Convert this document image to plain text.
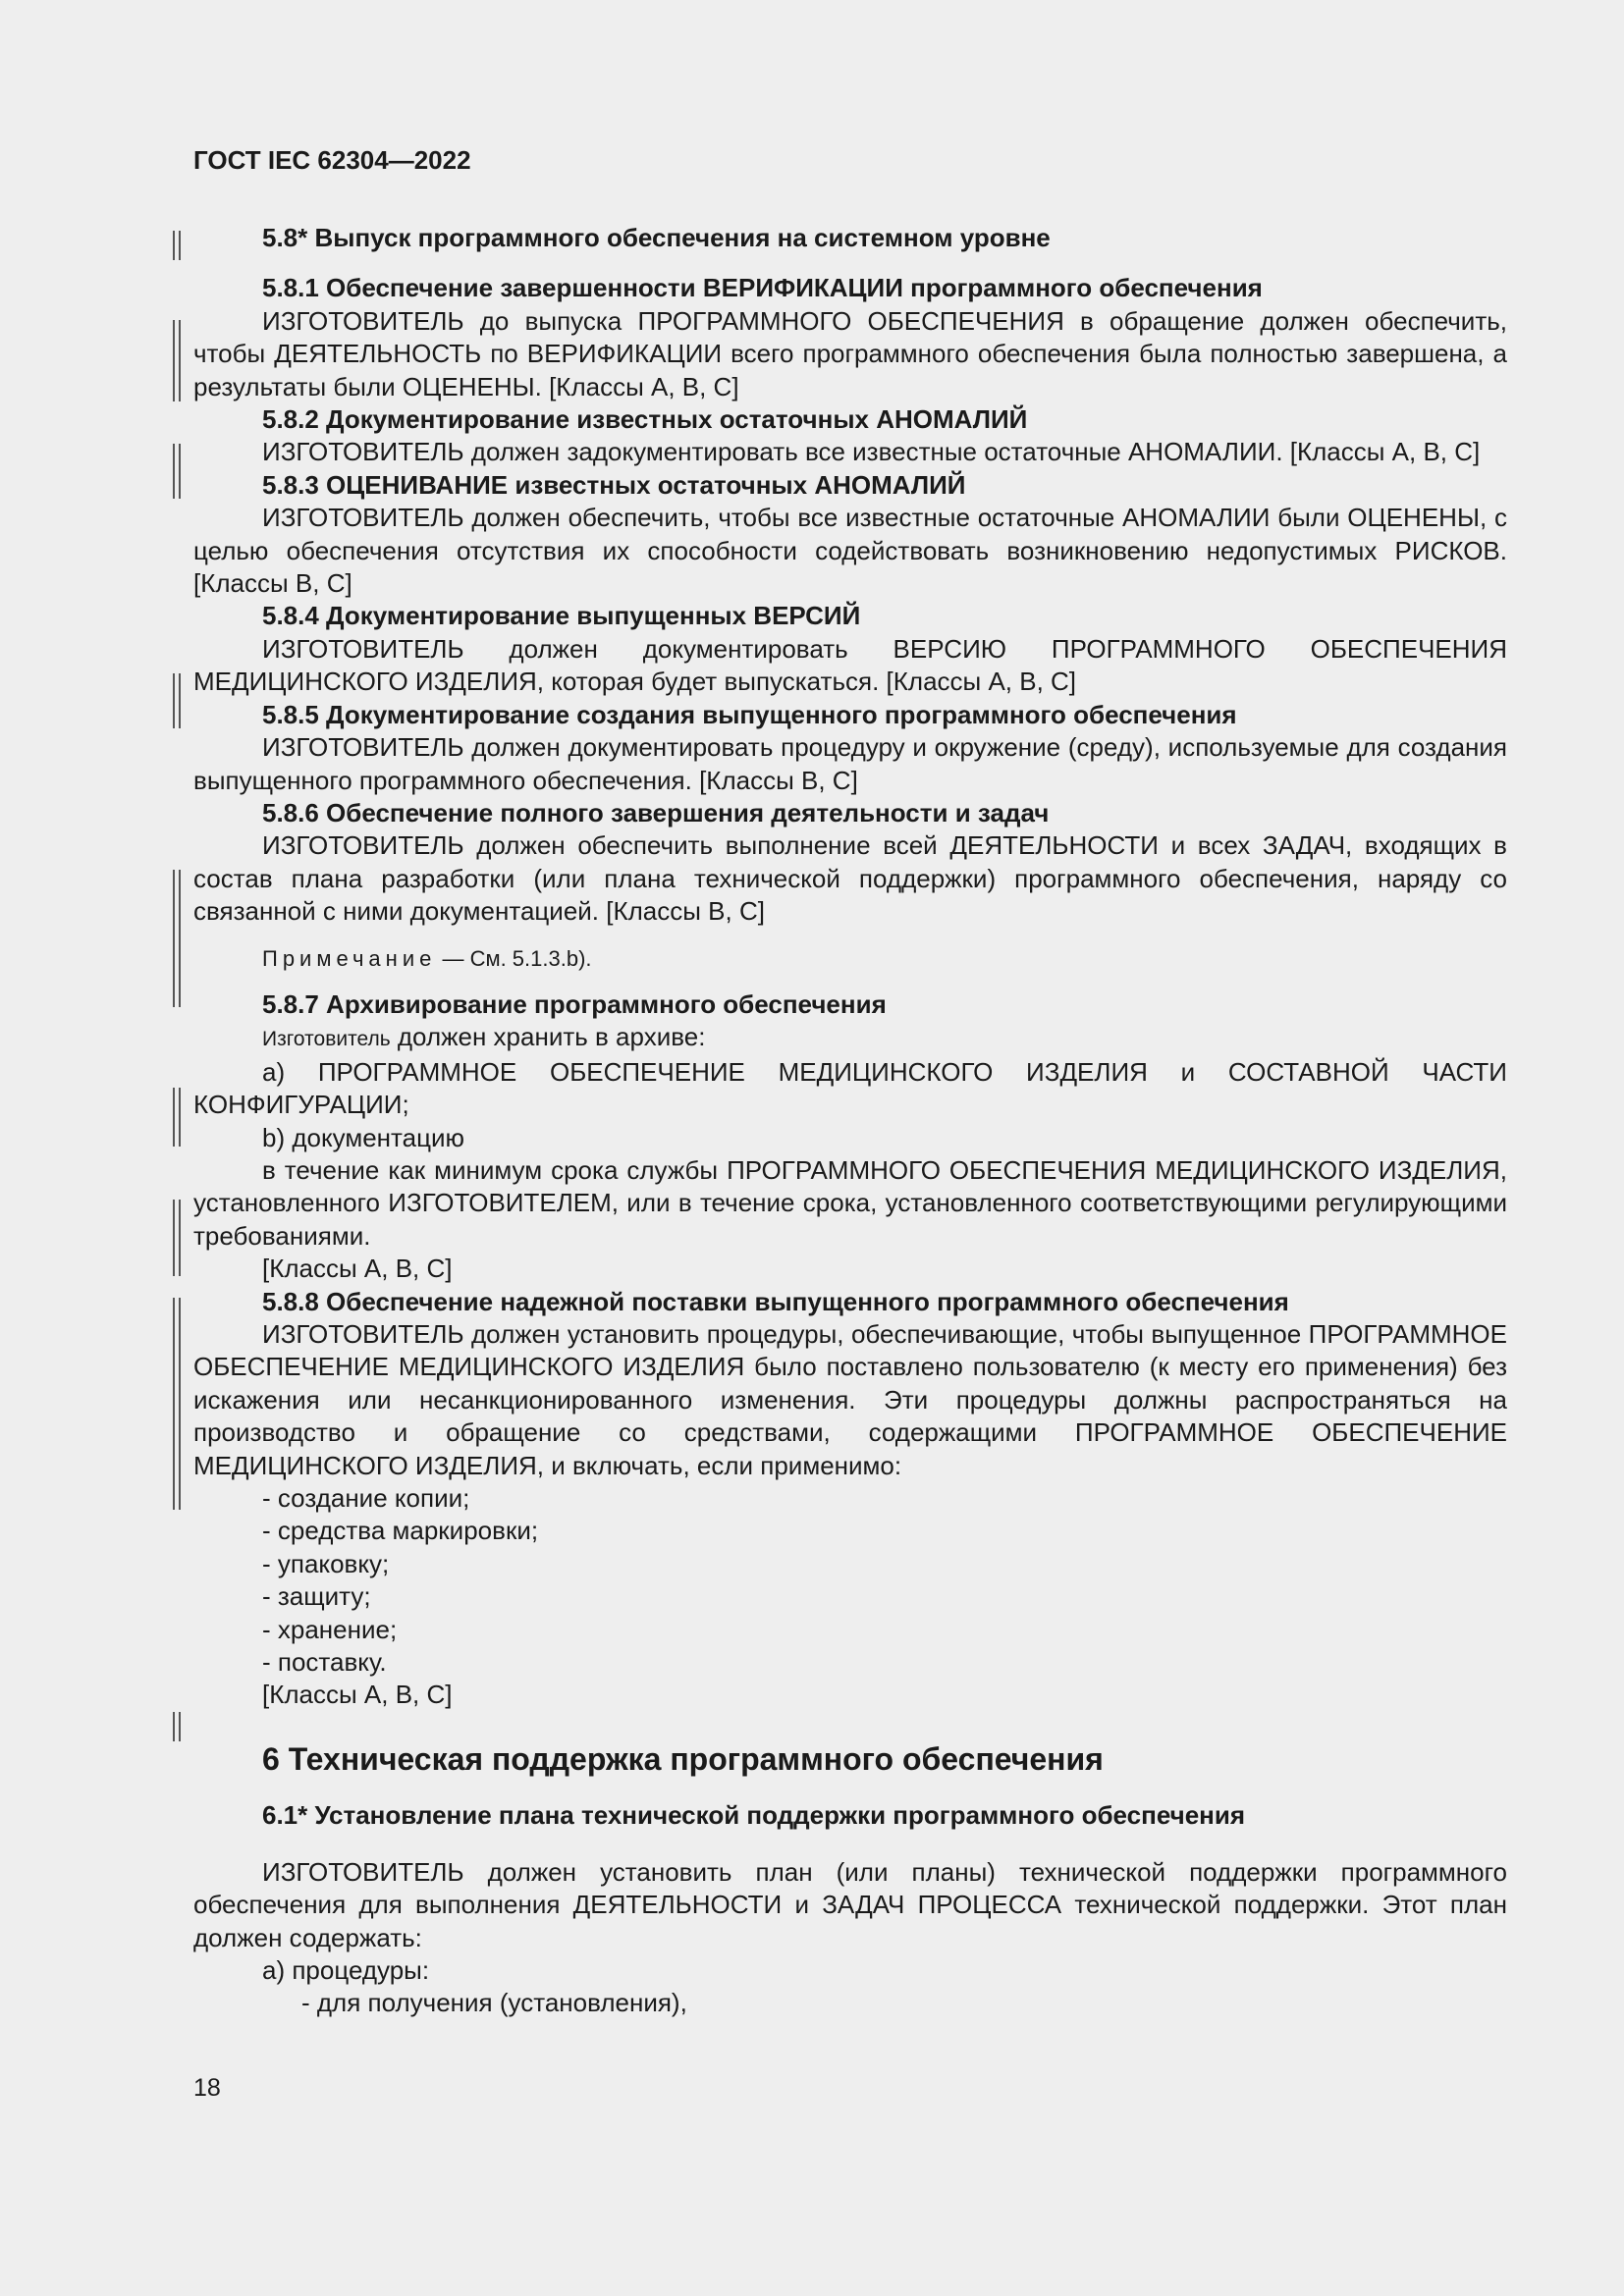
ГОСТ IEC 62304—2022

5.8* Выпуск программного обеспечения на системном уровне

5.8.1 Обеспечение завершенности ВЕРИФИКАЦИИ программного обеспечения

ИЗГОТОВИТЕЛЬ до выпуска ПРОГРАММНОГО ОБЕСПЕЧЕНИЯ в обращение должен обеспечить, чтобы ДЕЯТЕЛЬНОСТЬ по ВЕРИФИКАЦИИ всего программного обеспечения была полностью завершена, а результаты были ОЦЕНЕНЫ. [Классы А, В, С]

5.8.2 Документирование известных остаточных АНОМАЛИЙ

ИЗГОТОВИТЕЛЬ должен задокументировать все известные остаточные АНОМАЛИИ. [Классы А, В, С]

5.8.3 ОЦЕНИВАНИЕ известных остаточных АНОМАЛИЙ

ИЗГОТОВИТЕЛЬ должен обеспечить, чтобы все известные остаточные АНОМАЛИИ были ОЦЕНЕНЫ, с целью обеспечения отсутствия их способности содействовать возникновению недопустимых РИСКОВ. [Классы В, С]

5.8.4 Документирование выпущенных ВЕРСИЙ

ИЗГОТОВИТЕЛЬ должен документировать ВЕРСИЮ ПРОГРАММНОГО ОБЕСПЕЧЕНИЯ МЕДИЦИНСКОГО ИЗДЕЛИЯ, которая будет выпускаться. [Классы А, В, С]

5.8.5 Документирование создания выпущенного программного обеспечения

ИЗГОТОВИТЕЛЬ должен документировать процедуру и окружение (среду), используемые для создания выпущенного программного обеспечения. [Классы В, С]

5.8.6 Обеспечение полного завершения деятельности и задач

ИЗГОТОВИТЕЛЬ должен обеспечить выполнение всей ДЕЯТЕЛЬНОСТИ и всех ЗАДАЧ, входящих в состав плана разработки (или плана технической поддержки) программного обеспечения, наряду со связанной с ними документацией. [Классы В, С]

Примечание — См. 5.1.3.b).

5.8.7 Архивирование программного обеспечения

Изготовитель должен хранить в архиве:

a) ПРОГРАММНОЕ ОБЕСПЕЧЕНИЕ МЕДИЦИНСКОГО ИЗДЕЛИЯ и СОСТАВНОЙ ЧАСТИ КОНФИГУРАЦИИ;

b) документацию

в течение как минимум срока службы ПРОГРАММНОГО ОБЕСПЕЧЕНИЯ МЕДИЦИНСКОГО ИЗДЕЛИЯ, установленного ИЗГОТОВИТЕЛЕМ, или в течение срока, установленного соответствующими регулирующими требованиями.

[Классы А, В, С]

5.8.8 Обеспечение надежной поставки выпущенного программного обеспечения

ИЗГОТОВИТЕЛЬ должен установить процедуры, обеспечивающие, чтобы выпущенное ПРОГРАММНОЕ ОБЕСПЕЧЕНИЕ МЕДИЦИНСКОГО ИЗДЕЛИЯ было поставлено пользователю (к месту его применения) без искажения или несанкционированного изменения. Эти процедуры должны распространяться на производство и обращение со средствами, содержащими ПРОГРАММНОЕ ОБЕСПЕЧЕНИЕ МЕДИЦИНСКОГО ИЗДЕЛИЯ, и включать, если применимо:

- создание копии;

- средства маркировки;

- упаковку;

- защиту;

- хранение;

- поставку.

[Классы А, В, С]

6 Техническая поддержка программного обеспечения

6.1* Установление плана технической поддержки программного обеспечения

ИЗГОТОВИТЕЛЬ должен установить план (или планы) технической поддержки программного обеспечения для выполнения ДЕЯТЕЛЬНОСТИ и ЗАДАЧ ПРОЦЕССА технической поддержки. Этот план должен содержать:

a) процедуры:

- для получения (установления),

18
